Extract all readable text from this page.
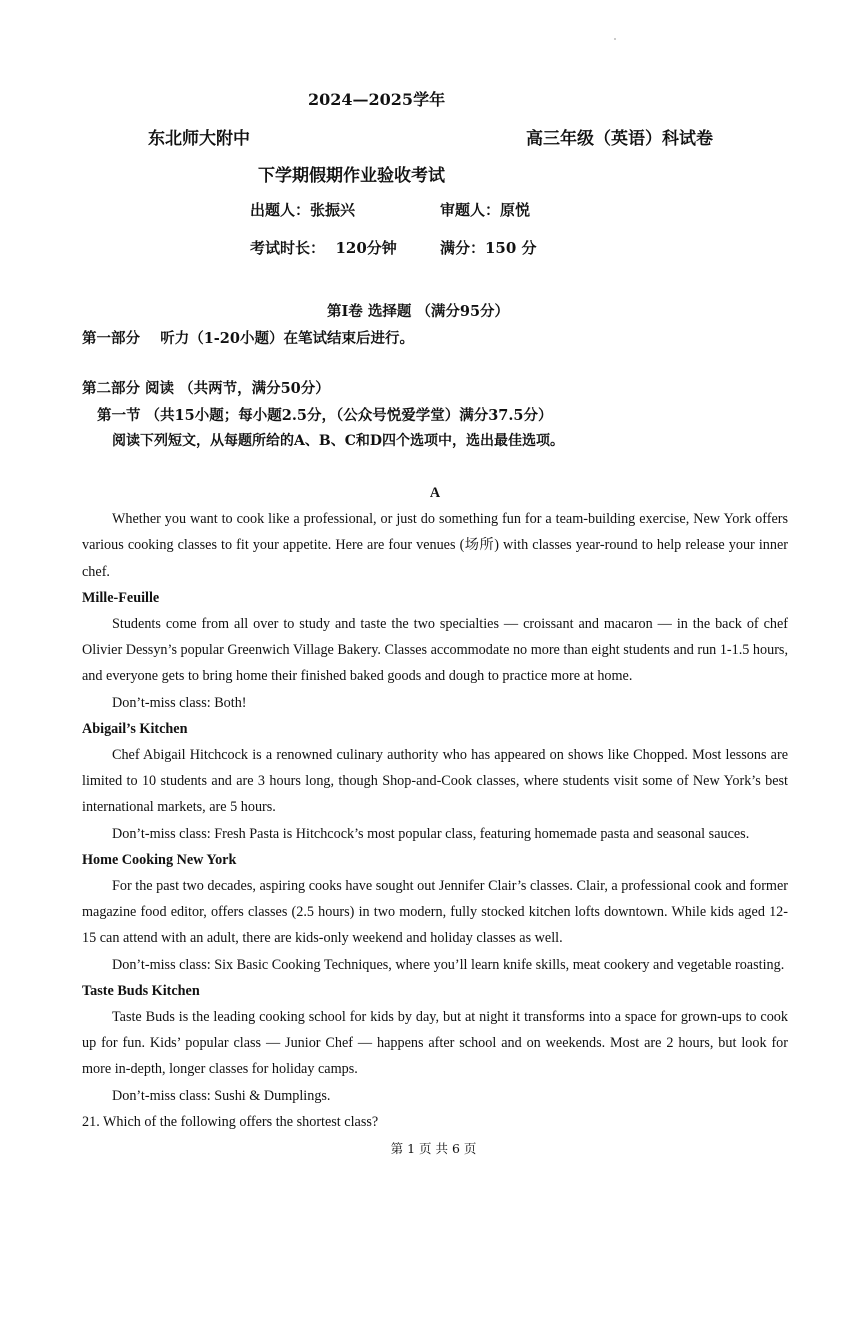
2024—2025学年
东北师大附中	高三年级（英语）科试卷
下学期假期作业验收考试
出题人：张振兴	审题人：原悦
考试时长：  120分钟	满分：150 分
第I卷 选择题 （满分95分）
第一部分    听力（1-20小题）在笔试结束后进行。
第二部分 阅读 （共两节，满分50分）
第一节 （共15小题；每小题2.5分，（公众号悦爱学堂）满分37.5分）
阅读下列短文，从每题所给的A、B、C和D四个选项中，选出最佳选项。

A

Whether you want to cook like a professional, or just do something fun for a team-building exercise, New York offers various cooking classes to fit your appetite. Here are four venues (场所) with classes year-round to help release your inner chef.

Mille-Feuille

Students come from all over to study and taste the two specialties — croissant and macaron — in the back of chef Olivier Dessyn’s popular Greenwich Village Bakery. Classes accommodate no more than eight students and run 1-1.5 hours, and everyone gets to bring home their finished baked goods and dough to practice more at home.

Don’t-miss class: Both!

Abigail’s Kitchen

Chef Abigail Hitchcock is a renowned culinary authority who has appeared on shows like Chopped. Most lessons are limited to 10 students and are 3 hours long, though Shop-and-Cook classes, where students visit some of New York’s best international markets, are 5 hours.

Don’t-miss class: Fresh Pasta is Hitchcock’s most popular class, featuring homemade pasta and seasonal sauces.

Home Cooking New York

For the past two decades, aspiring cooks have sought out Jennifer Clair’s classes. Clair, a professional cook and former magazine food editor, offers classes (2.5 hours) in two modern, fully stocked kitchen lofts downtown. While kids aged 12-15 can attend with an adult, there are kids-only weekend and holiday classes as well.

Don’t-miss class: Six Basic Cooking Techniques, where you’ll learn knife skills, meat cookery and vegetable roasting.

Taste Buds Kitchen

Taste Buds is the leading cooking school for kids by day, but at night it transforms into a space for grown-ups to cook up for fun. Kids’ popular class — Junior Chef — happens after school and on weekends. Most are 2 hours, but look for more in-depth, longer classes for holiday camps.

Don’t-miss class: Sushi & Dumplings.

21. Which of the following offers the shortest class?

第 1 页 共 6 页
